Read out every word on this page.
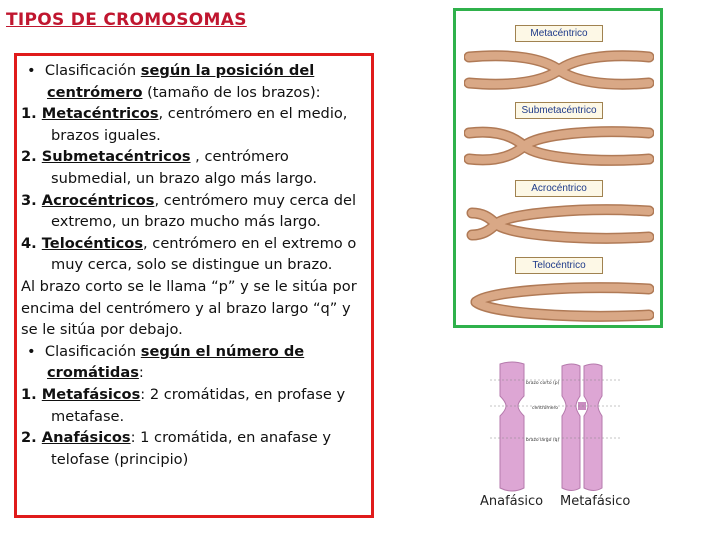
TIPOS DE CROMOSOMAS

•  Clasificación según la posición del centrómero (tamaño de los brazos):

1. Metacéntricos, centrómero en el medio, brazos iguales.

2. Submetacéntricos , centrómero submedial, un brazo algo más largo.

3. Acrocéntricos, centrómero muy cerca del extremo, un brazo mucho más largo.

4. Telocénticos, centrómero en el extremo o muy cerca, solo se distingue un brazo.

Al brazo corto se le llama “p” y se le sitúa por encima del centrómero y al brazo largo “q” y se le sitúa por debajo.

•  Clasificación según el número de cromátidas:

1. Metafásicos: 2 cromátidas, en profase y metafase.

2. Anafásicos: 1 cromátida, en anafase y telofase (principio)

Metacéntrico
Submetacéntrico
Acrocéntrico
Telocéntrico
brazo corto (p)
centrómero
brazo largo (q)
Anafásico Metafásico
